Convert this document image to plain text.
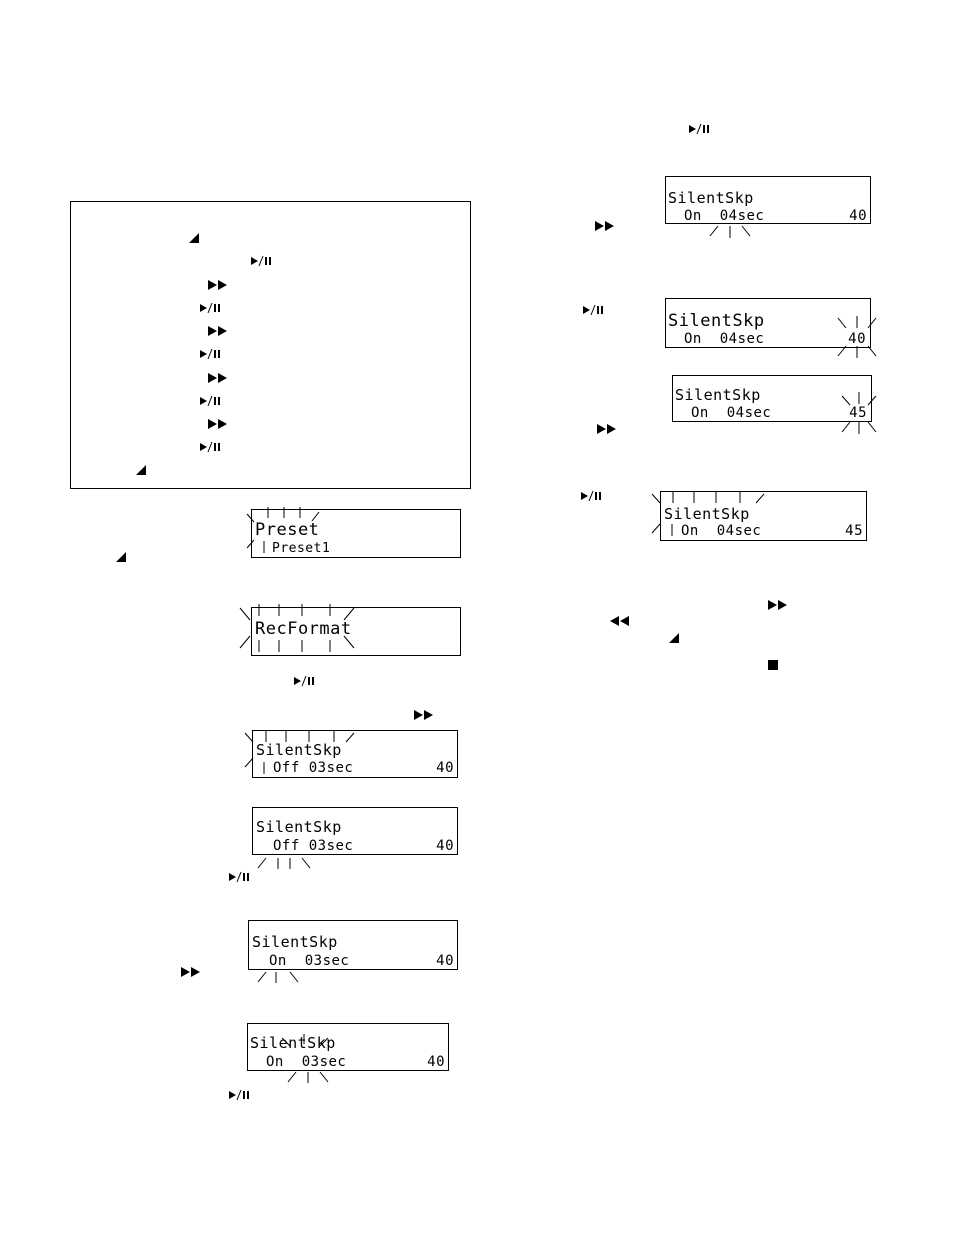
Preset
Preset1
RecFormat
SilentSkp
Off 03sec	40
SilentSkp
Off 03sec	40
SilentSkp
On  03sec	40
SilentSkp
On  03sec	40
SilentSkp
On  04sec	40
SilentSkp
On  04sec	40
SilentSkp
On  04sec	45
SilentSkp
On  04sec	45
